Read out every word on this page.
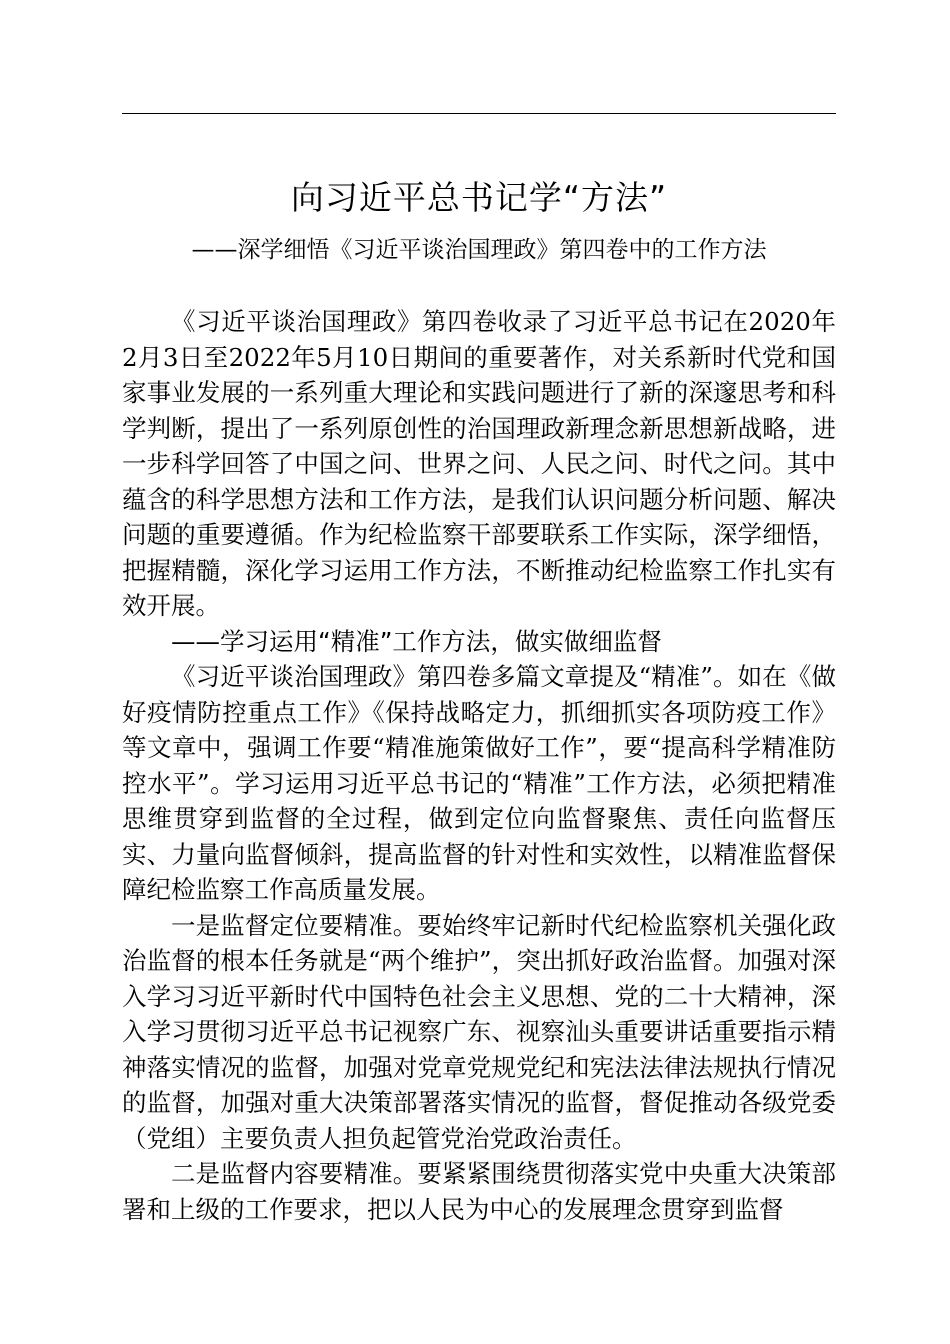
向习近平总书记学“方法”
——深学细悟《习近平谈治国理政》第四卷中的工作方法

《习近平谈治国理政》第四卷收录了习近平总书记在2020年2月3日至2022年5月10日期间的重要著作，对关系新时代党和国家事业发展的一系列重大理论和实践问题进行了新的深邃思考和科学判断，提出了一系列原创性的治国理政新理念新思想新战略，进一步科学回答了中国之问、世界之问、人民之问、时代之问。其中蕴含的科学思想方法和工作方法，是我们认识问题分析问题、解决问题的重要遵循。作为纪检监察干部要联系工作实际，深学细悟，把握精髓，深化学习运用工作方法，不断推动纪检监察工作扎实有效开展。

——学习运用“精准”工作方法，做实做细监督

《习近平谈治国理政》第四卷多篇文章提及“精准”。如在《做好疫情防控重点工作》《保持战略定力，抓细抓实各项防疫工作》等文章中，强调工作要“精准施策做好工作”，要“提高科学精准防控水平”。学习运用习近平总书记的“精准”工作方法，必须把精准思维贯穿到监督的全过程，做到定位向监督聚焦、责任向监督压实、力量向监督倾斜，提高监督的针对性和实效性，以精准监督保障纪检监察工作高质量发展。

一是监督定位要精准。要始终牢记新时代纪检监察机关强化政治监督的根本任务就是“两个维护”，突出抓好政治监督。加强对深入学习习近平新时代中国特色社会主义思想、党的二十大精神，深入学习贯彻习近平总书记视察广东、视察汕头重要讲话重要指示精神落实情况的监督，加强对党章党规党纪和宪法法律法规执行情况的监督，加强对重大决策部署落实情况的监督，督促推动各级党委（党组）主要负责人担负起管党治党政治责任。

二是监督内容要精准。要紧紧围绕贯彻落实党中央重大决策部署和上级的工作要求，把以人民为中心的发展理念贯穿到监督
